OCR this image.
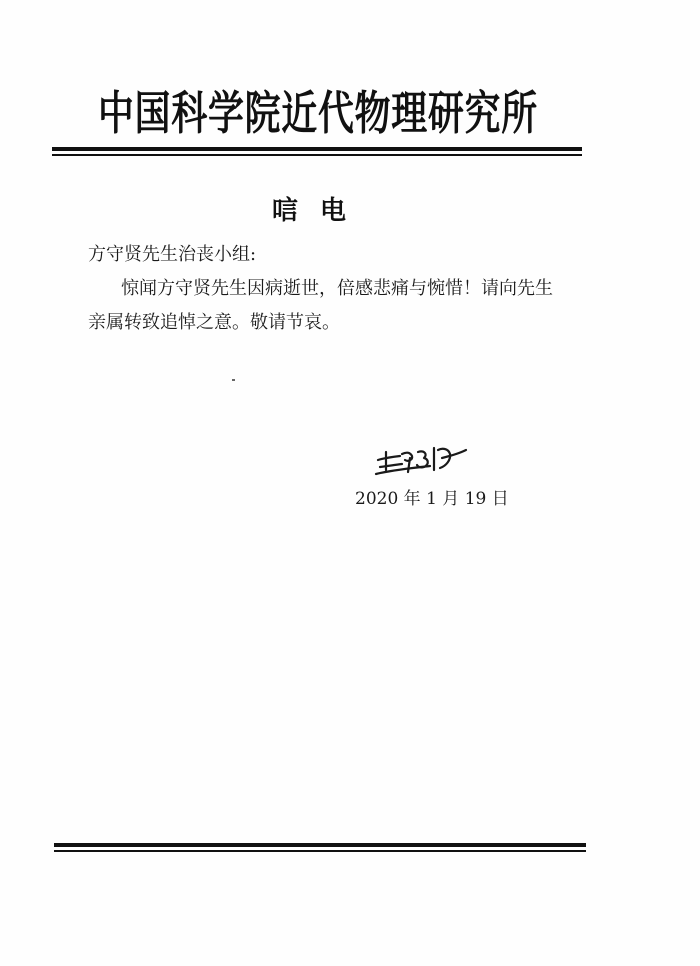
中国科学院近代物理研究所
唁电
方守贤先生治丧小组:
惊闻方守贤先生因病逝世，倍感悲痛与惋惜！请向先生亲属转致追悼之意。敬请节哀。
2020 年 1 月 19 日
